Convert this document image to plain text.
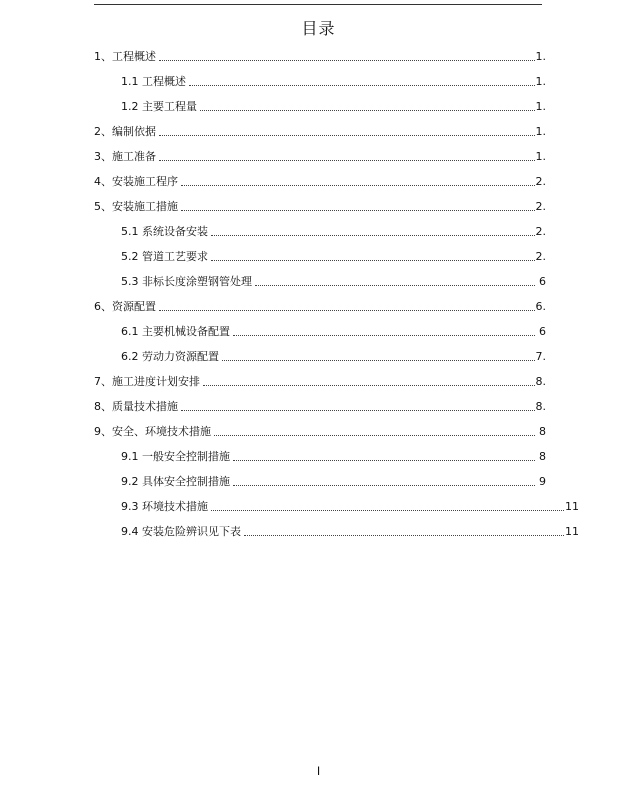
目录
1、工程概述	1.
1.1 工程概述	1.
1.2 主要工程量	1.
2、编制依据	1.
3、施工准备	1.
4、安装施工程序	2.
5、安装施工措施	2.
5.1 系统设备安装	2.
5.2 管道工艺要求	2.
5.3 非标长度涂塑钢管处理	6
6、资源配置	6.
6.1 主要机械设备配置	6
6.2 劳动力资源配置	7.
7、施工进度计划安排	8.
8、质量技术措施	8.
9、安全、环境技术措施	8
9.1 一般安全控制措施	8
9.2 具体安全控制措施	9
9.3 环境技术措施	11
9.4 安装危险辨识见下表	11
I
